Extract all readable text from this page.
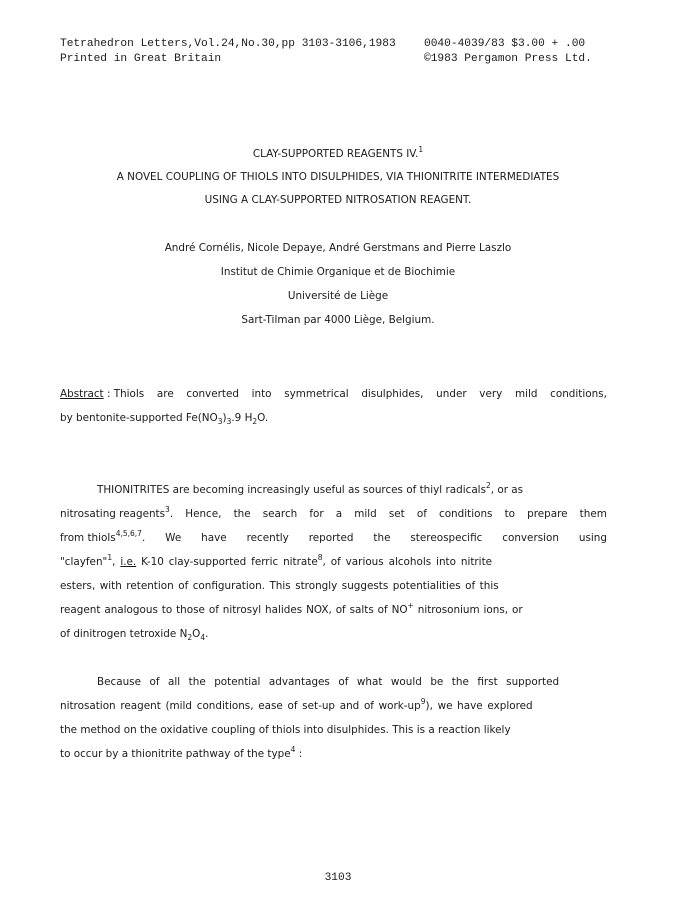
Tetrahedron Letters,Vol.24,No.30,pp 3103-3106,1983
Printed in Great Britain
0040-4039/83 $3.00 + .00
©1983 Pergamon Press Ltd.
CLAY-SUPPORTED REAGENTS IV.$^1$
A NOVEL COUPLING OF THIOLS INTO DISULPHIDES, VIA THIONITRITE INTERMEDIATES
USING A CLAY-SUPPORTED NITROSATION REAGENT.
André Cornélis, Nicole Depaye, André Gerstmans and Pierre Laszlo
Institut de Chimie Organique et de Biochimie
Université de Liège
Sart-Tilman par 4000 Liège, Belgium.
Abstract : Thiols are converted into symmetrical disulphides, under very mild conditions,
by bentonite-supported $Fe(NO_3)_3.9$ $H_2O$.
THIONITRITES are becoming increasingly useful as sources of thiyl radicals$^2$, or as
nitrosating reagents$^3$. Hence, the search for a mild set of conditions to prepare them
from thiols$^{4,5,6,7}$. We have recently reported the stereospecific conversion using
"clayfen"$^1$, i.e. K-10 clay-supported ferric nitrate$^8$, of various alcohols into nitrite
esters, with retention of configuration. This strongly suggests potentialities of this
reagent analogous to those of nitrosyl halides NOX, of salts of NO+ nitrosonium ions, or
of dinitrogen tetroxide $N_2O_4$.
Because of all the potential advantages of what would be the first supported
nitrosation reagent (mild conditions, ease of set-up and of work-$up^9$), we have explored
the method on the oxidative coupling of thiols into disulphides. This is a reaction likely
to occur by a thionitrite pathway of the type$^4$ :
3103
